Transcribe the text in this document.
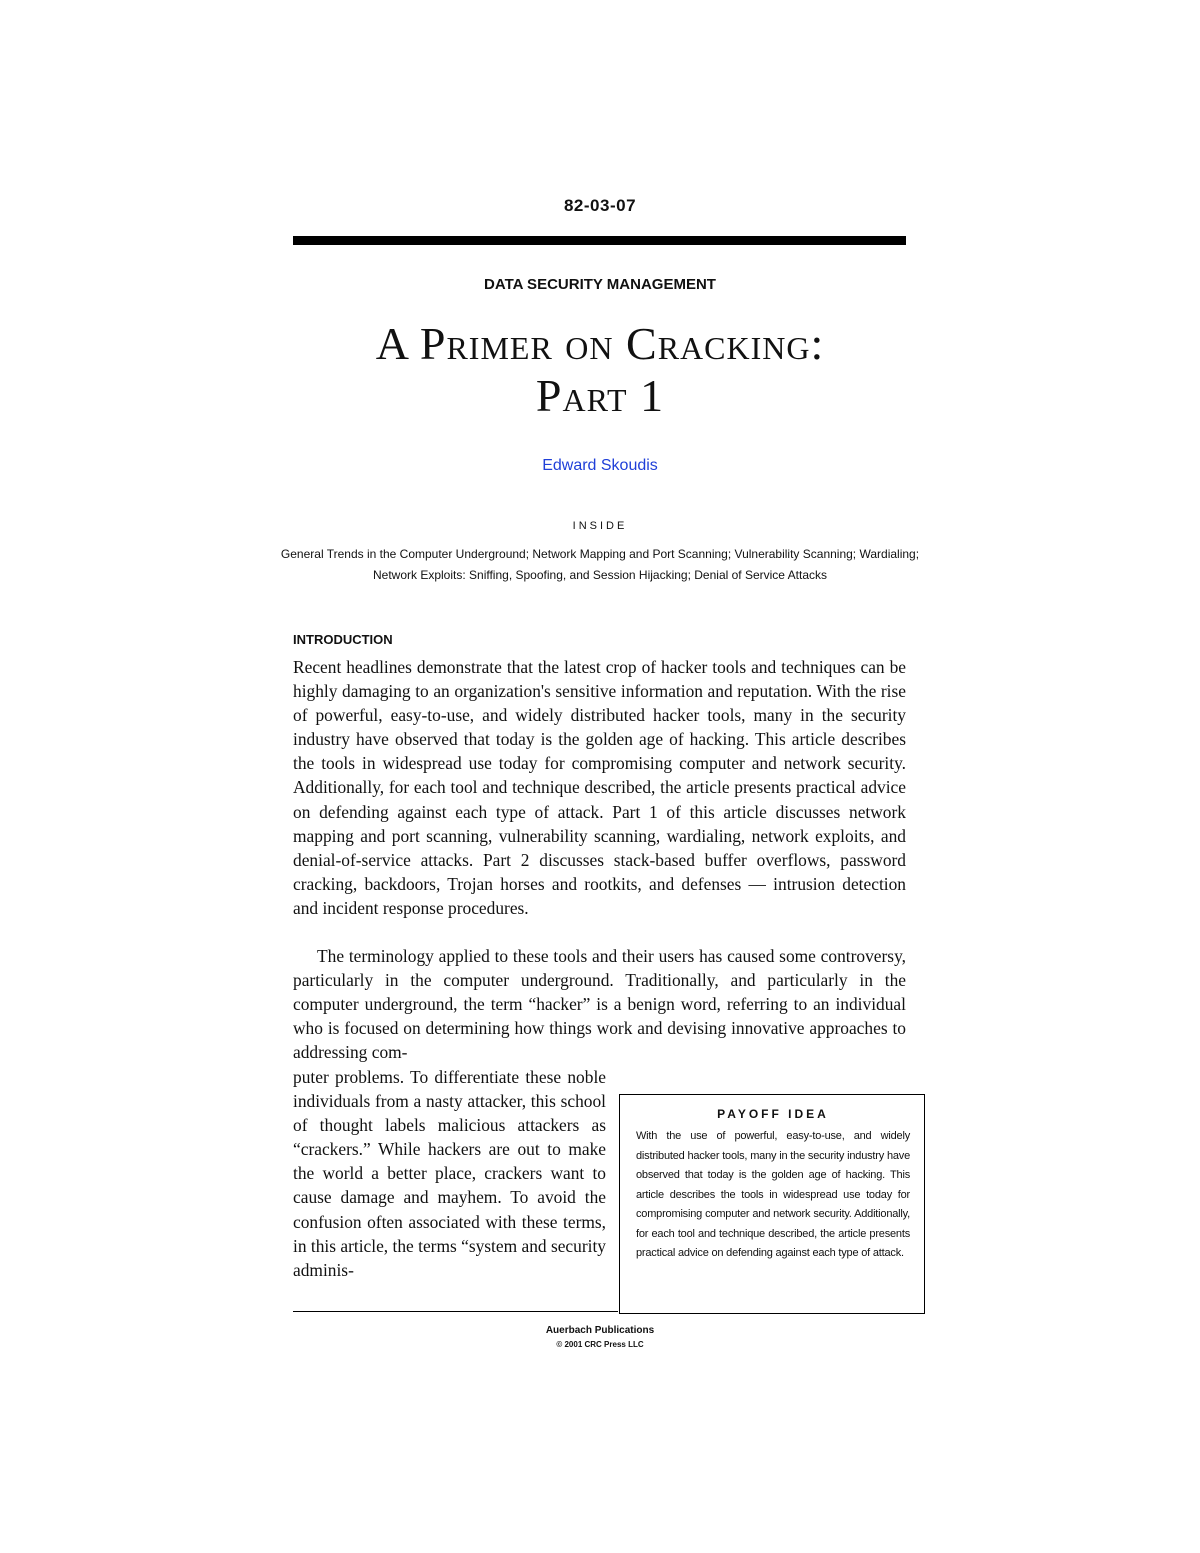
82-03-07
DATA SECURITY MANAGEMENT
A Primer on Cracking:
Part 1
Edward Skoudis
INSIDE
General Trends in the Computer Underground; Network Mapping and Port Scanning; Vulnerability Scanning; Wardialing; Network Exploits: Sniffing, Spoofing, and Session Hijacking; Denial of Service Attacks
INTRODUCTION

Recent headlines demonstrate that the latest crop of hacker tools and techniques can be highly damaging to an organization's sensitive information and reputation. With the rise of powerful, easy-to-use, and widely distributed hacker tools, many in the security industry have observed that today is the golden age of hacking. This article describes the tools in widespread use today for compromising computer and network security. Additionally, for each tool and technique described, the article presents practical advice on defending against each type of attack. Part 1 of this article discusses network mapping and port scanning, vulnerability scanning, wardialing, network exploits, and denial-of-service attacks. Part 2 discusses stack-based buffer overflows, password cracking, backdoors, Trojan horses and rootkits, and defenses — intrusion detection and incident response procedures.

The terminology applied to these tools and their users has caused some controversy, particularly in the computer underground. Traditionally, and particularly in the computer underground, the term “hacker” is a benign word, referring to an individual who is focused on determining how things work and devising innovative approaches to addressing com-

puter problems. To differentiate these noble individuals from a nasty attacker, this school of thought labels malicious attackers as “crackers.” While hackers are out to make the world a better place, crackers want to cause damage and mayhem. To avoid the confusion often associated with these terms, in this article, the terms “system and security adminis-

PAYOFF IDEA
With the use of powerful, easy-to-use, and widely distributed hacker tools, many in the security industry have observed that today is the golden age of hacking. This article describes the tools in widespread use today for compromising computer and network security. Additionally, for each tool and technique described, the article presents practical advice on defending against each type of attack.
Auerbach Publications
© 2001 CRC Press LLC
